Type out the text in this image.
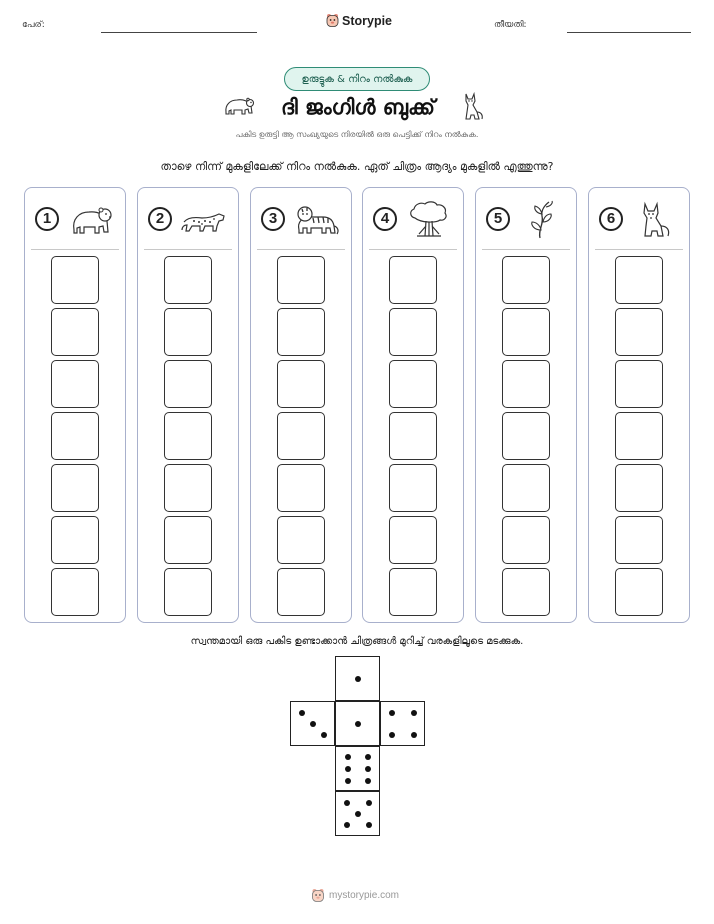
പേര്:	Storypie	തീയതി:
ഉരുട്ടുക & നിറം നൽകുക
ദി ജംഗിൾ ബുക്ക്
പകിട ഉരുട്ടി ആ സംഖ്യയുടെ നിരയിൽ ഒരു പെട്ടിക്ക് നിറം നൽകുക.
താഴെ നിന്ന് മുകളിലേക്ക് നിറം നൽകുക. ഏത് ചിത്രം ആദ്യം മുകളിൽ എത്തുന്നു?
1	2	3	4	5	6
സ്വന്തമായി ഒരു പകിട ഉണ്ടാക്കാൻ ചിത്രങ്ങൾ മുറിച്ച് വരകളിലൂടെ മടക്കുക.
mystorypie.com
